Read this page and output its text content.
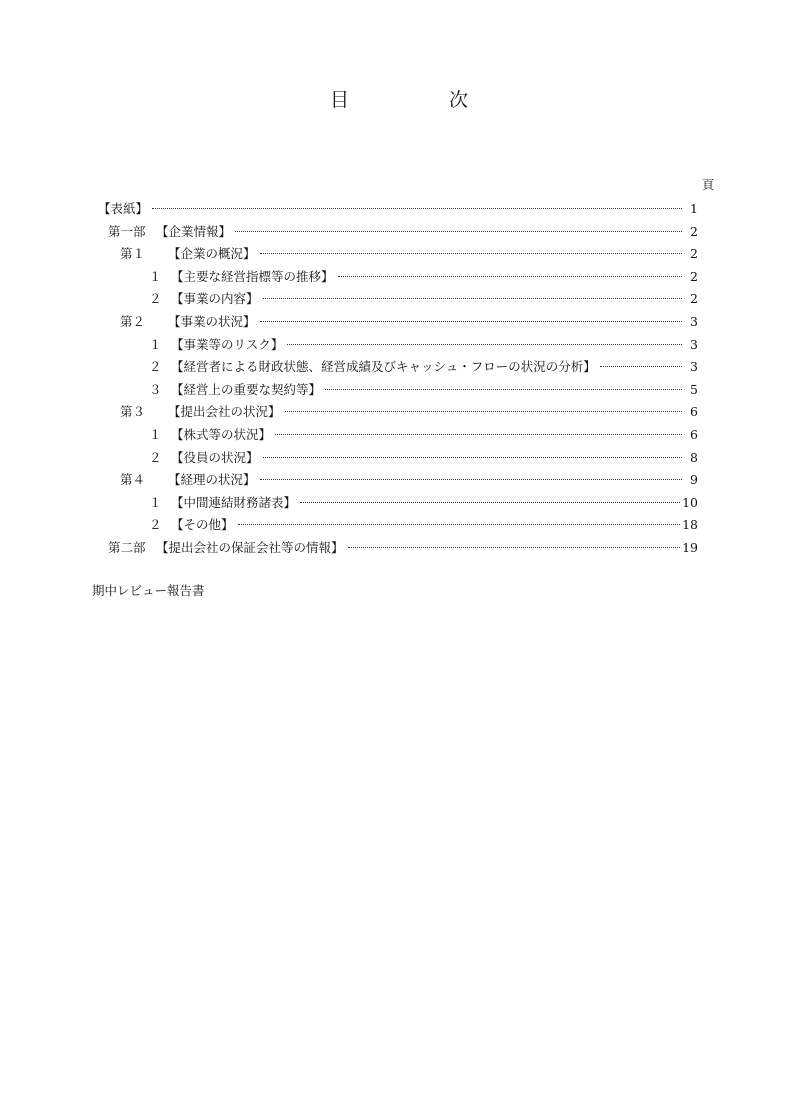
目	次
頁
【表紙】	1
第一部 【企業情報】	2
第１	【企業の概況】	2
１ 【主要な経営指標等の推移】	2
２ 【事業の内容】	2
第２	【事業の状況】	3
１ 【事業等のリスク】	3
２ 【経営者による財政状態、経営成績及びキャッシュ・フローの状況の分析】	3
３ 【経営上の重要な契約等】	5
第３	【提出会社の状況】	6
１ 【株式等の状況】	6
２ 【役員の状況】	8
第４	【経理の状況】	9
１ 【中間連結財務諸表】	10
２ 【その他】	18
第二部 【提出会社の保証会社等の情報】	19
期中レビュー報告書
